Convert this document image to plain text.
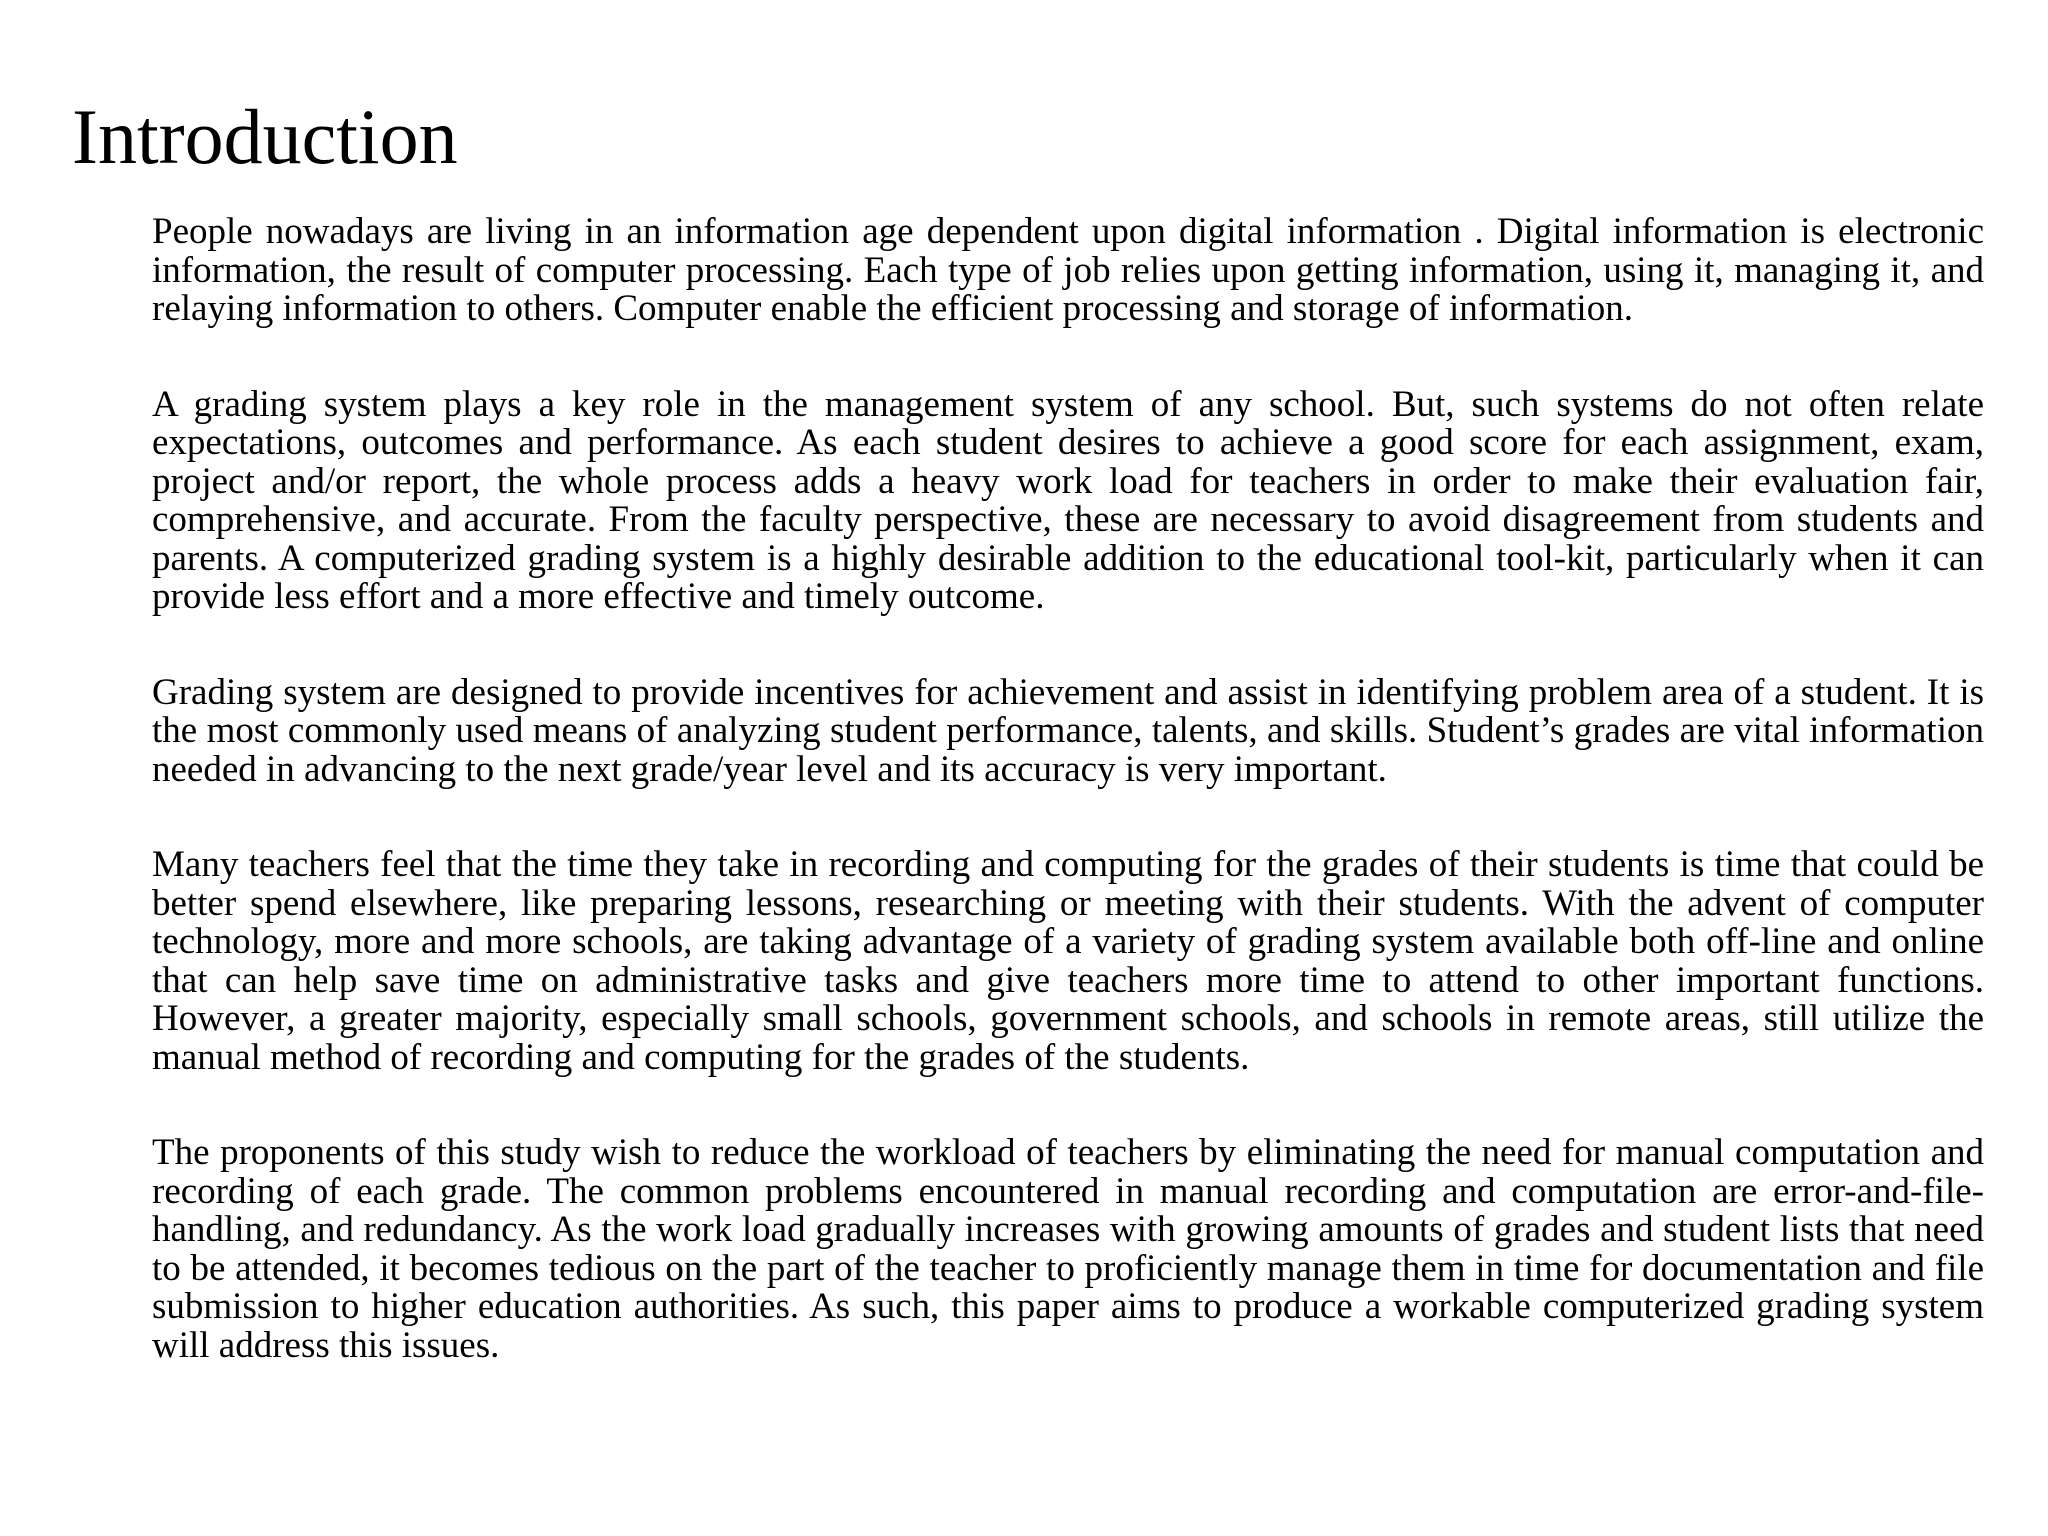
Introduction

People nowadays are living in an information age dependent upon digital information . Digital information is electronic information, the result of computer processing. Each type of job relies upon getting information, using it, managing it, and relaying information to others. Computer enable the efficient processing and storage of information.

A grading system plays a key role in the management system of any school. But, such systems do not often relate expectations, outcomes and performance. As each student desires to achieve a good score for each assignment, exam, project and/or report, the whole process adds a heavy work load for teachers in order to make their evaluation fair, comprehensive, and accurate. From the faculty perspective, these are necessary to avoid disagreement from students and parents. A computerized grading system is a highly desirable addition to the educational tool-kit, particularly when it can provide less effort and a more effective and timely outcome.

Grading system are designed to provide incentives for achievement and assist in identifying problem area of a student. It is the most commonly used means of analyzing student performance, talents, and skills. Student’s grades are vital information needed in advancing to the next grade/year level and its accuracy is very important.

Many teachers feel that the time they take in recording and computing for the grades of their students is time that could be better spend elsewhere, like preparing lessons, researching or meeting with their students. With the advent of computer technology, more and more schools, are taking advantage of a variety of grading system available both off-line and online that can help save time on administrative tasks and give teachers more time to attend to other important functions. However, a greater majority, especially small schools, government schools, and schools in remote areas, still utilize the manual method of recording and computing for the grades of the students.

The proponents of this study wish to reduce the workload of teachers by eliminating the need for manual computation and recording of each grade. The common problems encountered in manual recording and computation are error-and-file-handling, and redundancy. As the work load gradually increases with growing amounts of grades and student lists that need to be attended, it becomes tedious on the part of the teacher to proficiently manage them in time for documentation and file submission to higher education authorities. As such, this paper aims to produce a workable computerized grading system will address this issues.
